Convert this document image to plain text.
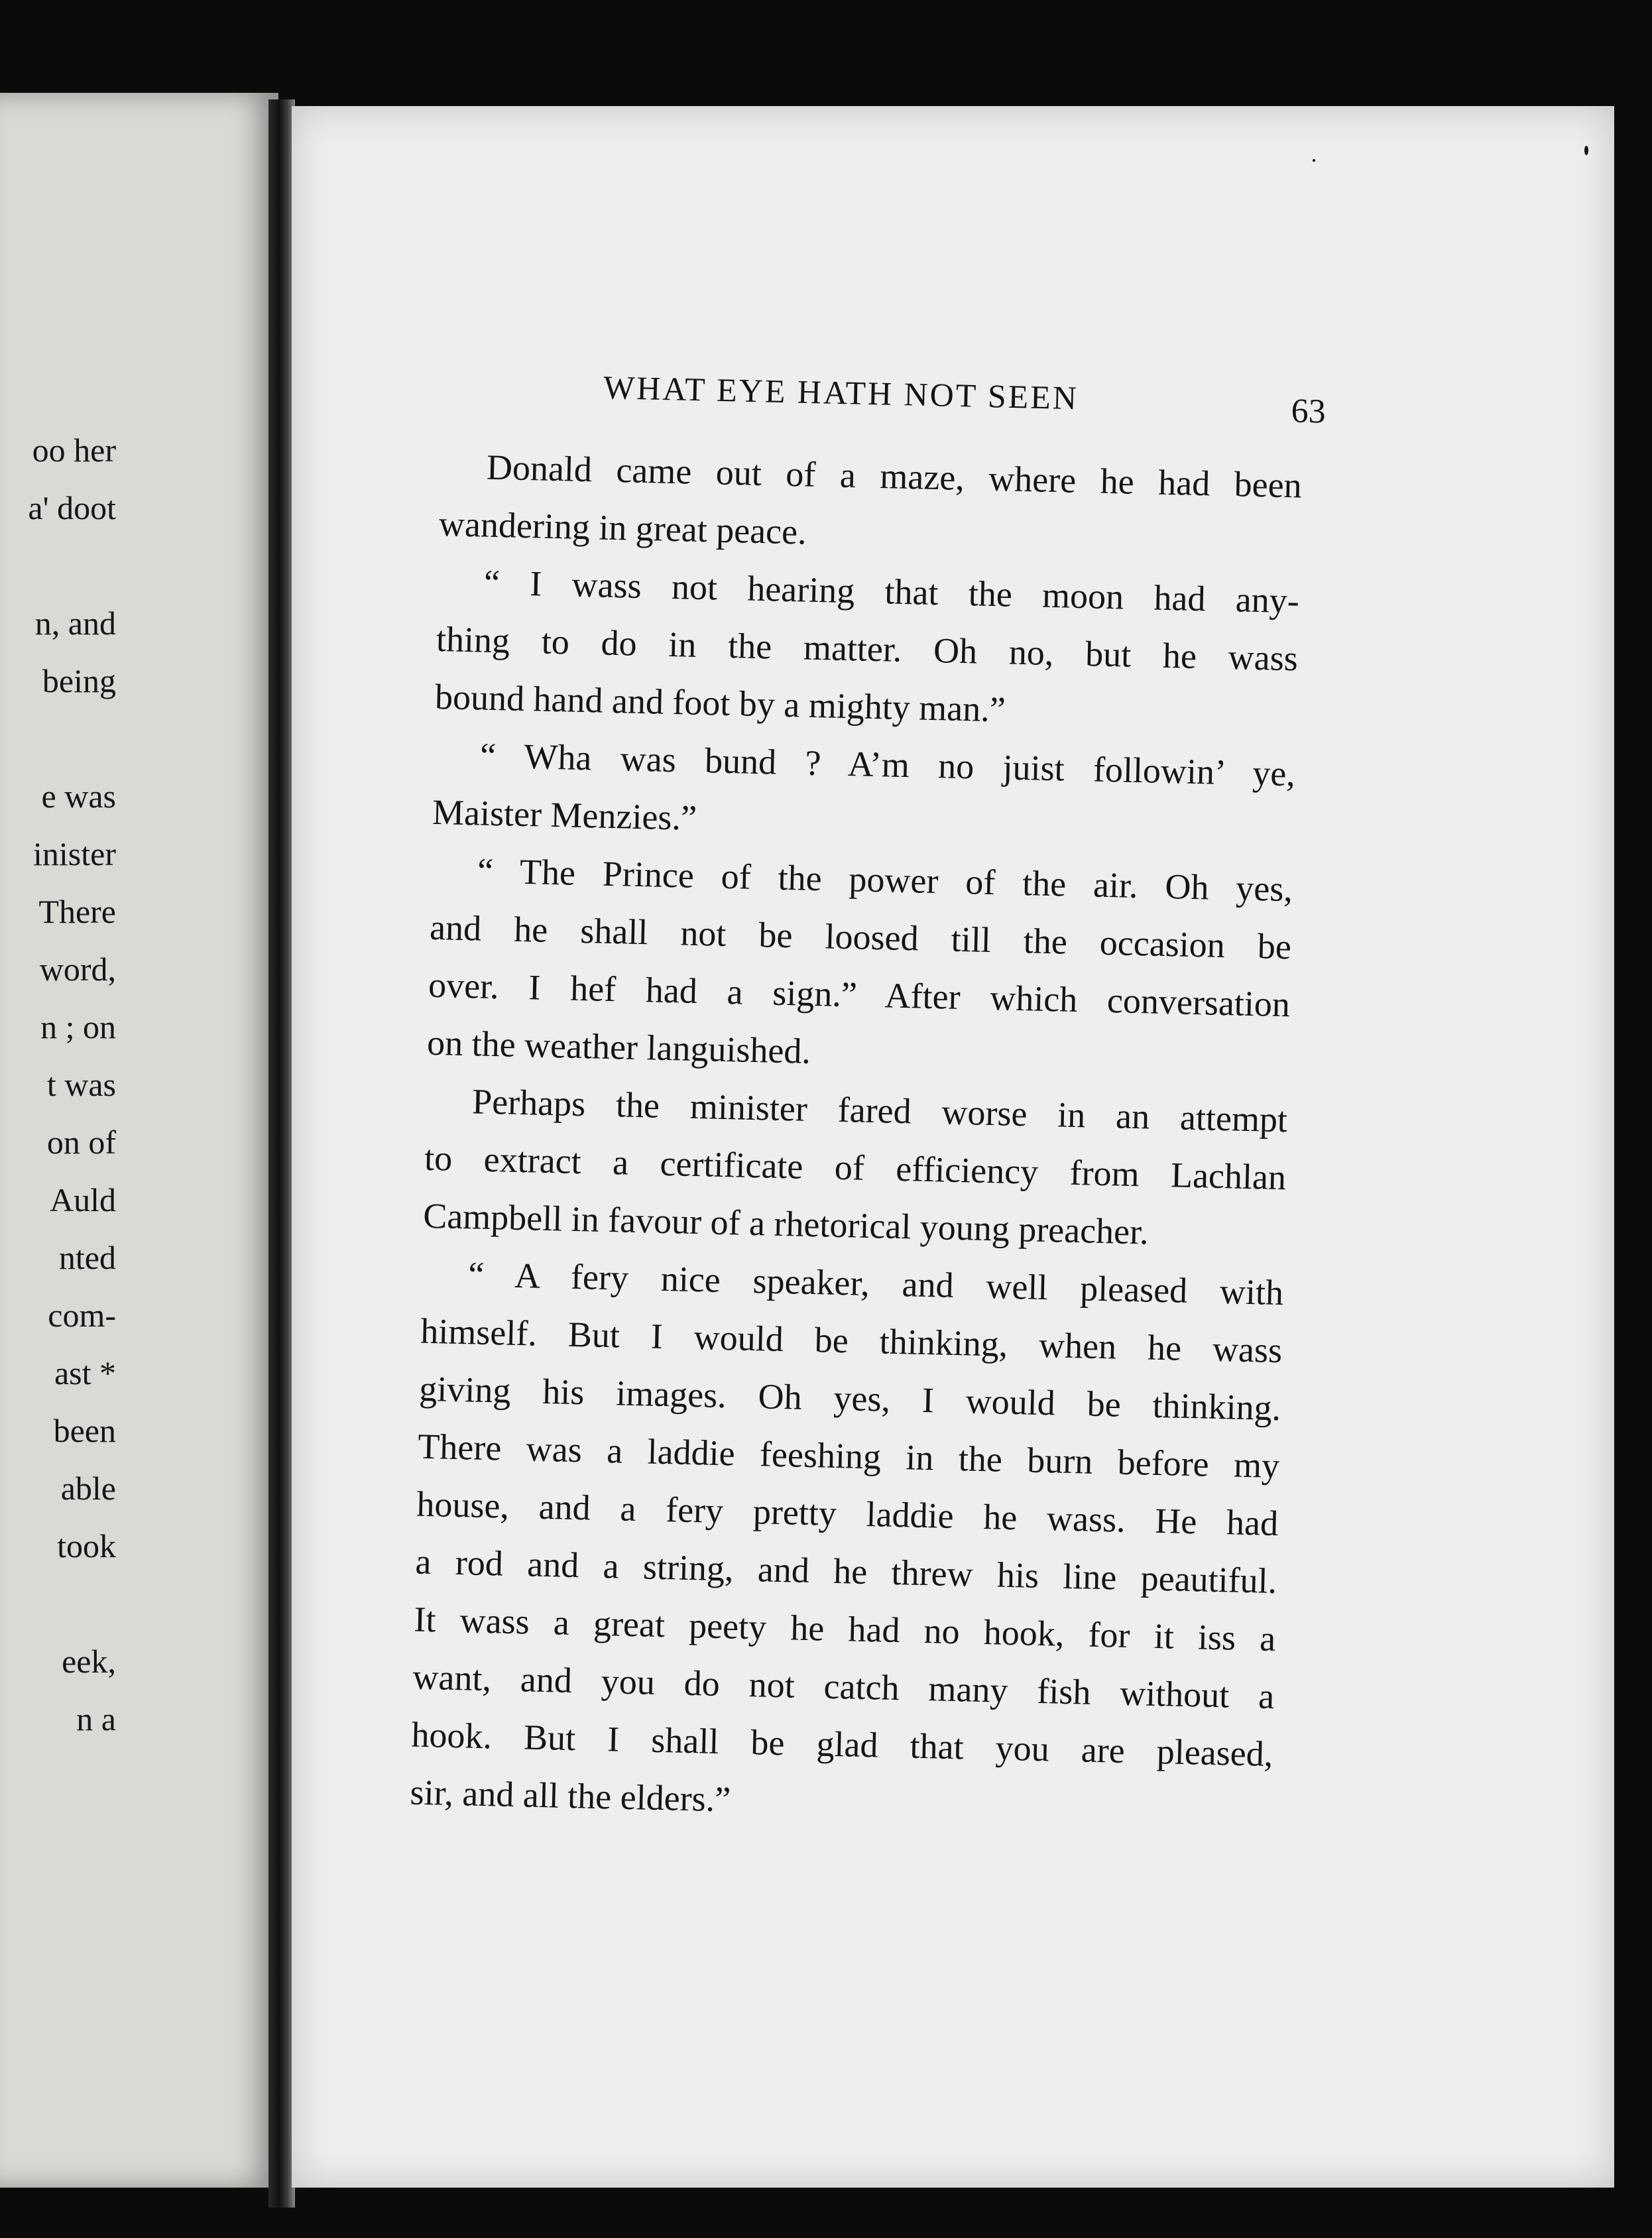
oo her
a' doot
n, and
being
e was
inister
There
word,
n ; on
t was
on of
Auld
nted
com-
ast *
been
able
took
eek,
n a
WHAT EYE HATH NOT SEEN	63
Donald came out of a maze, where he had been
wandering in great peace.
“ I wass not hearing that the moon had any-
thing to do in the matter. Oh no, but he wass
bound hand and foot by a mighty man.”
“ Wha was bund ? A’m no juist followin’ ye,
Maister Menzies.”
“ The Prince of the power of the air. Oh yes,
and he shall not be loosed till the occasion be
over. I hef had a sign.” After which conversation
on the weather languished.
Perhaps the minister fared worse in an attempt
to extract a certificate of efficiency from Lachlan
Campbell in favour of a rhetorical young preacher.
“ A fery nice speaker, and well pleased with
himself. But I would be thinking, when he wass
giving his images. Oh yes, I would be thinking.
There was a laddie feeshing in the burn before my
house, and a fery pretty laddie he wass. He had
a rod and a string, and he threw his line peautiful.
It wass a great peety he had no hook, for it iss a
want, and you do not catch many fish without a
hook. But I shall be glad that you are pleased,
sir, and all the elders.”
